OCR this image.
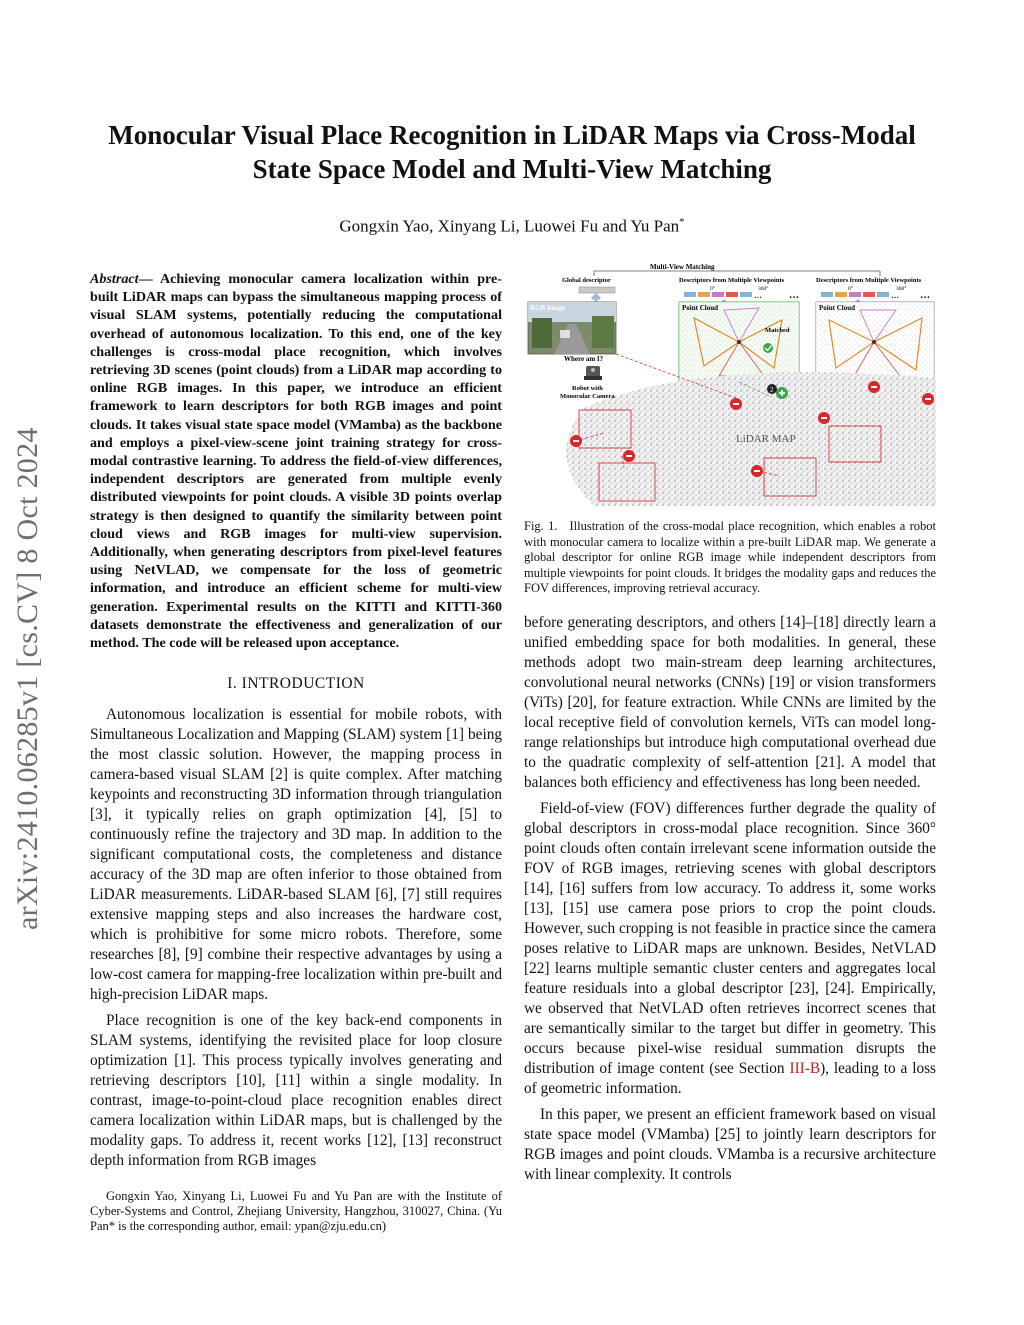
arXiv:2410.06285v1 [cs.CV] 8 Oct 2024
Monocular Visual Place Recognition in LiDAR Maps via Cross-Modal State Space Model and Multi-View Matching
Gongxin Yao, Xinyang Li, Luowei Fu and Yu Pan*

Abstract— Achieving monocular camera localization within pre-built LiDAR maps can bypass the simultaneous mapping process of visual SLAM systems, potentially reducing the computational overhead of autonomous localization. To this end, one of the key challenges is cross-modal place recognition, which involves retrieving 3D scenes (point clouds) from a LiDAR map according to online RGB images. In this paper, we introduce an efficient framework to learn descriptors for both RGB images and point clouds. It takes visual state space model (VMamba) as the backbone and employs a pixel-view-scene joint training strategy for cross-modal contrastive learning. To address the field-of-view differences, independent descriptors are generated from multiple evenly distributed viewpoints for point clouds. A visible 3D points overlap strategy is then designed to quantify the similarity between point cloud views and RGB images for multi-view supervision. Additionally, when generating descriptors from pixel-level features using NetVLAD, we compensate for the loss of geometric information, and introduce an efficient scheme for multi-view generation. Experimental results on the KITTI and KITTI-360 datasets demonstrate the effectiveness and generalization of our method. The code will be released upon acceptance.

I. INTRODUCTION

Autonomous localization is essential for mobile robots, with Simultaneous Localization and Mapping (SLAM) system [1] being the most classic solution. However, the mapping process in camera-based visual SLAM [2] is quite complex. After matching keypoints and reconstructing 3D information through triangulation [3], it typically relies on graph optimization [4], [5] to continuously refine the trajectory and 3D map. In addition to the significant computational costs, the completeness and distance accuracy of the 3D map are often inferior to those obtained from LiDAR measurements. LiDAR-based SLAM [6], [7] still requires extensive mapping steps and also increases the hardware cost, which is prohibitive for some micro robots. Therefore, some researches [8], [9] combine their respective advantages by using a low-cost camera for mapping-free localization within pre-built and high-precision LiDAR maps.

Place recognition is one of the key back-end components in SLAM systems, identifying the revisited place for loop closure optimization [1]. This process typically involves generating and retrieving descriptors [10], [11] within a single modality. In contrast, image-to-point-cloud place recognition enables direct camera localization within LiDAR maps, but is challenged by the modality gaps. To address it, recent works [12], [13] reconstruct depth information from RGB images

Gongxin Yao, Xinyang Li, Luowei Fu and Yu Pan are with the Institute of Cyber-Systems and Control, Zhejiang University, Hangzhou, 310027, China. (Yu Pan* is the corresponding author, email: ypan@zju.edu.cn)
Multi-View Matching
Global descriptor	Descriptors from Multiple Viewpoints	Descriptors from Multiple Viewpoints
0°	360°	0°	360°
…	…
…	…
RGB Image	Point Cloud
Matched
Point Cloud
LiDAR MAP
2
Where am I?
Robot with
Monocular Camera
Fig. 1. Illustration of the cross-modal place recognition, which enables a robot with monocular camera to localize within a pre-built LiDAR map. We generate a global descriptor for online RGB image while independent descriptors from multiple viewpoints for point clouds. It bridges the modality gaps and reduces the FOV differences, improving retrieval accuracy.

before generating descriptors, and others [14]–[18] directly learn a unified embedding space for both modalities. In general, these methods adopt two main-stream deep learning architectures, convolutional neural networks (CNNs) [19] or vision transformers (ViTs) [20], for feature extraction. While CNNs are limited by the local receptive field of convolution kernels, ViTs can model long-range relationships but introduce high computational overhead due to the quadratic complexity of self-attention [21]. A model that balances both efficiency and effectiveness has long been needed.

Field-of-view (FOV) differences further degrade the quality of global descriptors in cross-modal place recognition. Since 360° point clouds often contain irrelevant scene information outside the FOV of RGB images, retrieving scenes with global descriptors [14], [16] suffers from low accuracy. To address it, some works [13], [15] use camera pose priors to crop the point clouds. However, such cropping is not feasible in practice since the camera poses relative to LiDAR maps are unknown. Besides, NetVLAD [22] learns multiple semantic cluster centers and aggregates local feature residuals into a global descriptor [23], [24]. Empirically, we observed that NetVLAD often retrieves incorrect scenes that are semantically similar to the target but differ in geometry. This occurs because pixel-wise residual summation disrupts the distribution of image content (see Section III-B), leading to a loss of geometric information.

In this paper, we present an efficient framework based on visual state space model (VMamba) [25] to jointly learn descriptors for RGB images and point clouds. VMamba is a recursive architecture with linear complexity. It controls
